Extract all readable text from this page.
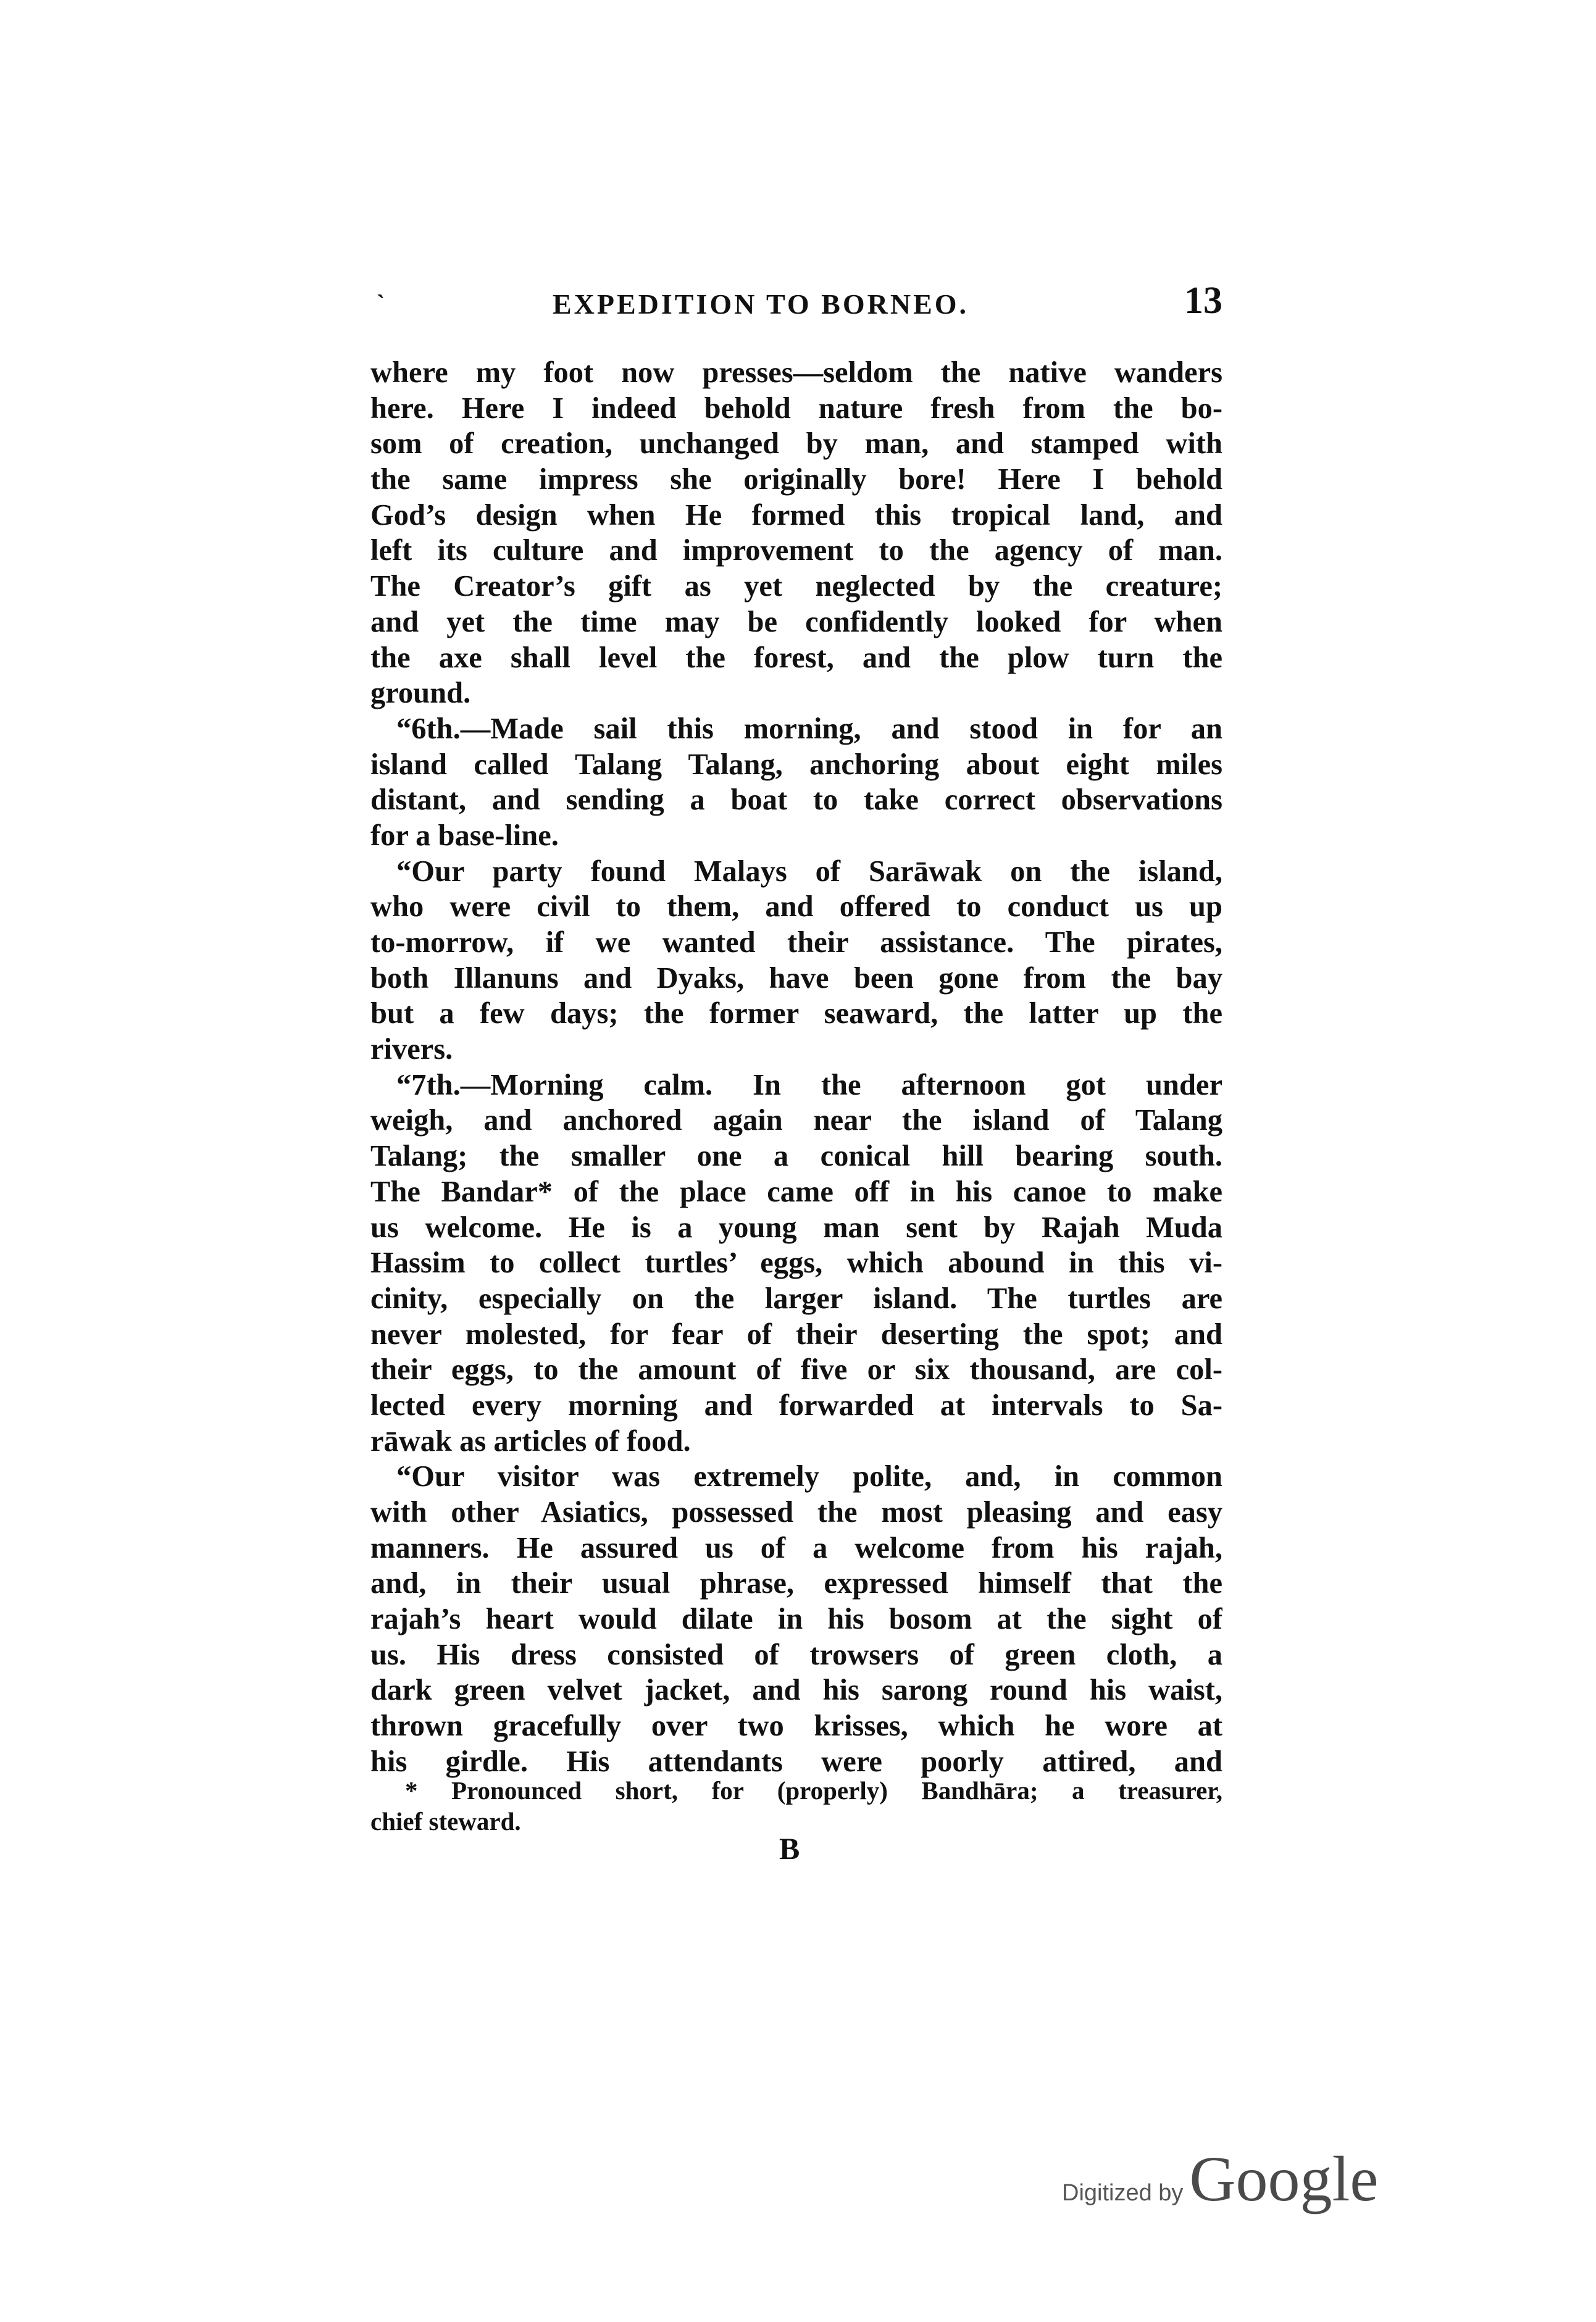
`	EXPEDITION TO BORNEO.	13
where my foot now presses—seldom the native wanders
here. Here I indeed behold nature fresh from the bo-
som of creation, unchanged by man, and stamped with
the same impress she originally bore! Here I behold
God’s design when He formed this tropical land, and
left its culture and improvement to the agency of man.
The Creator’s gift as yet neglected by the creature;
and yet the time may be confidently looked for when
the axe shall level the forest, and the plow turn the
ground.
“6th.—Made sail this morning, and stood in for an
island called Talang Talang, anchoring about eight miles
distant, and sending a boat to take correct observations
for a base-line.
“Our party found Malays of Sarāwak on the island,
who were civil to them, and offered to conduct us up
to-morrow, if we wanted their assistance. The pirates,
both Illanuns and Dyaks, have been gone from the bay
but a few days; the former seaward, the latter up the
rivers.
“7th.—Morning calm. In the afternoon got under
weigh, and anchored again near the island of Talang
Talang; the smaller one a conical hill bearing south.
The Bandar* of the place came off in his canoe to make
us welcome. He is a young man sent by Rajah Muda
Hassim to collect turtles’ eggs, which abound in this vi-
cinity, especially on the larger island. The turtles are
never molested, for fear of their deserting the spot; and
their eggs, to the amount of five or six thousand, are col-
lected every morning and forwarded at intervals to Sa-
rāwak as articles of food.
“Our visitor was extremely polite, and, in common
with other Asiatics, possessed the most pleasing and easy
manners. He assured us of a welcome from his rajah,
and, in their usual phrase, expressed himself that the
rajah’s heart would dilate in his bosom at the sight of
us. His dress consisted of trowsers of green cloth, a
dark green velvet jacket, and his sarong round his waist,
thrown gracefully over two krisses, which he wore at
his girdle. His attendants were poorly attired, and
* Pronounced short, for (properly) Bandhāra; a treasurer,
chief steward.
B
Digitized by Google
